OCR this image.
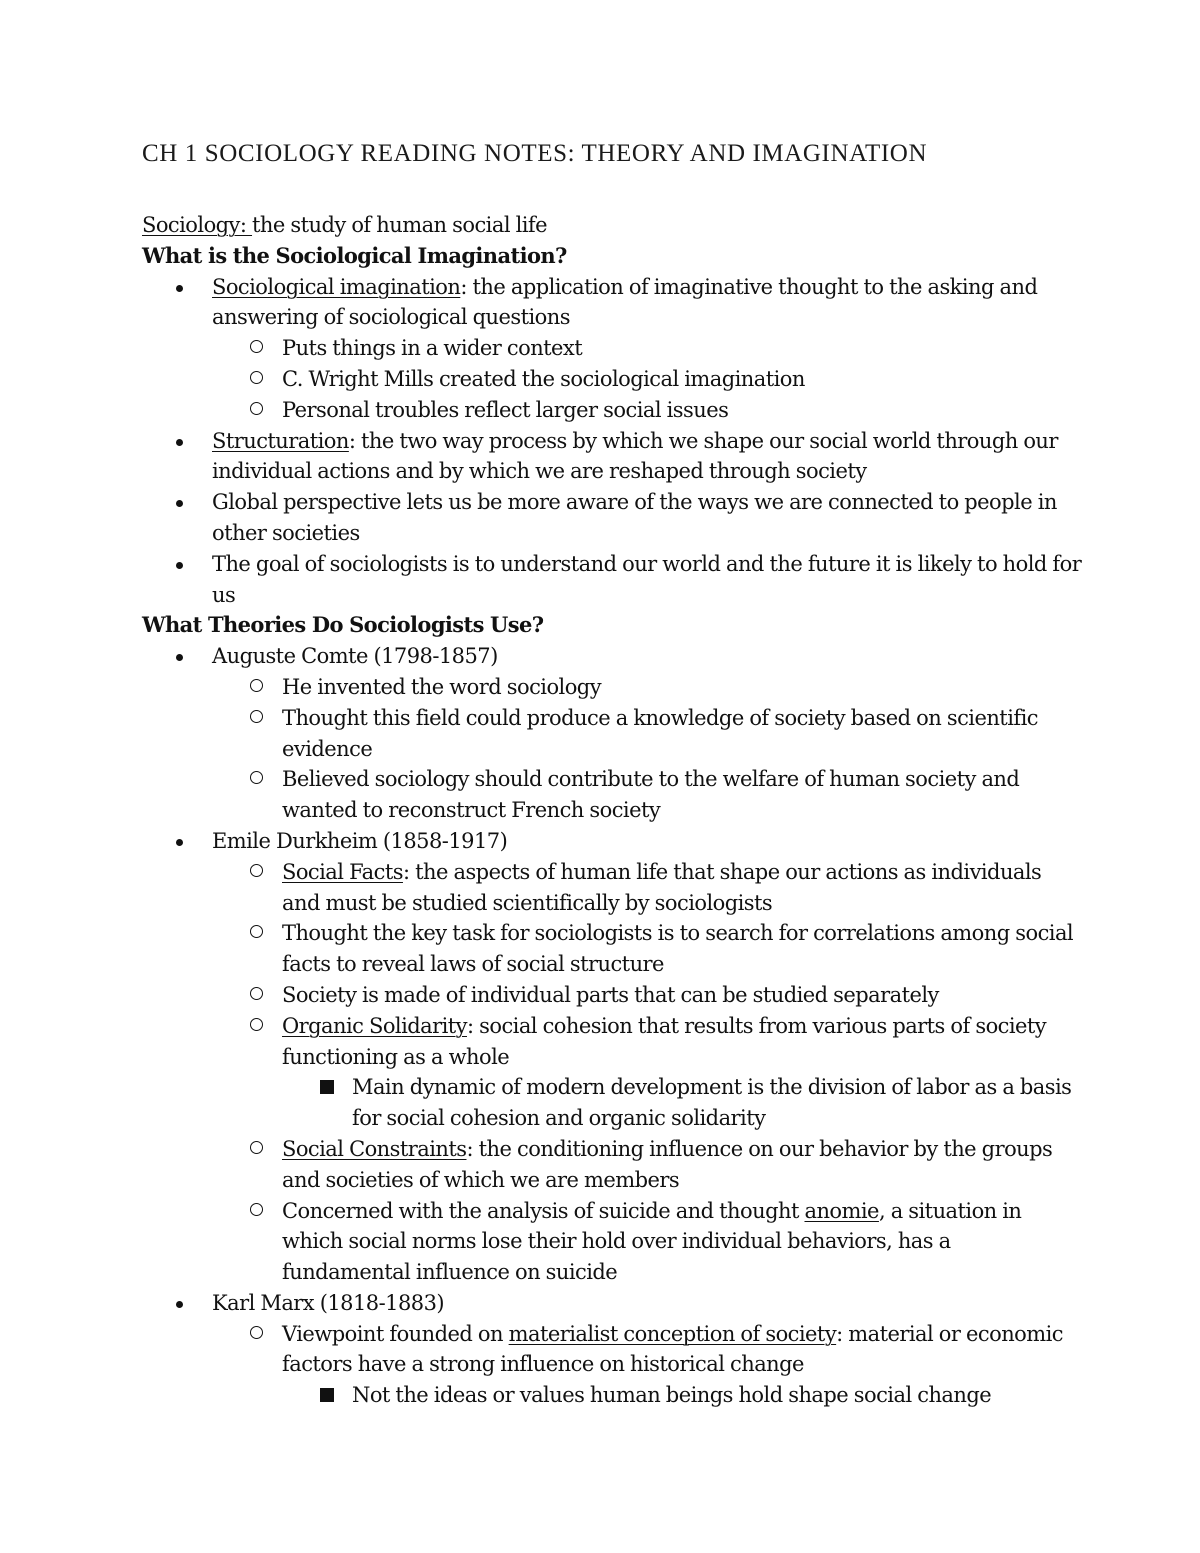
CH 1 SOCIOLOGY READING NOTES: THEORY AND IMAGINATION

Sociology: the study of human social life

What is the Sociological Imagination?

Sociological imagination: the application of imaginative thought to the asking and answering of sociological questions
Puts things in a wider context
C. Wright Mills created the sociological imagination
Personal troubles reflect larger social issues
Structuration: the two way process by which we shape our social world through our individual actions and by which we are reshaped through society
Global perspective lets us be more aware of the ways we are connected to people in other societies
The goal of sociologists is to understand our world and the future it is likely to hold for us

What Theories Do Sociologists Use?

Auguste Comte (1798-1857)
He invented the word sociology
Thought this field could produce a knowledge of society based on scientific evidence
Believed sociology should contribute to the welfare of human society and wanted to reconstruct French society
Emile Durkheim (1858-1917)
Social Facts: the aspects of human life that shape our actions as individuals and must be studied scientifically by sociologists
Thought the key task for sociologists is to search for correlations among social facts to reveal laws of social structure
Society is made of individual parts that can be studied separately
Organic Solidarity: social cohesion that results from various parts of society functioning as a whole
Main dynamic of modern development is the division of labor as a basis for social cohesion and organic solidarity
Social Constraints: the conditioning influence on our behavior by the groups and societies of which we are members
Concerned with the analysis of suicide and thought anomie, a situation in which social norms lose their hold over individual behaviors, has a fundamental influence on suicide
Karl Marx (1818-1883)
Viewpoint founded on materialist conception of society: material or economic factors have a strong influence on historical change
Not the ideas or values human beings hold shape social change
